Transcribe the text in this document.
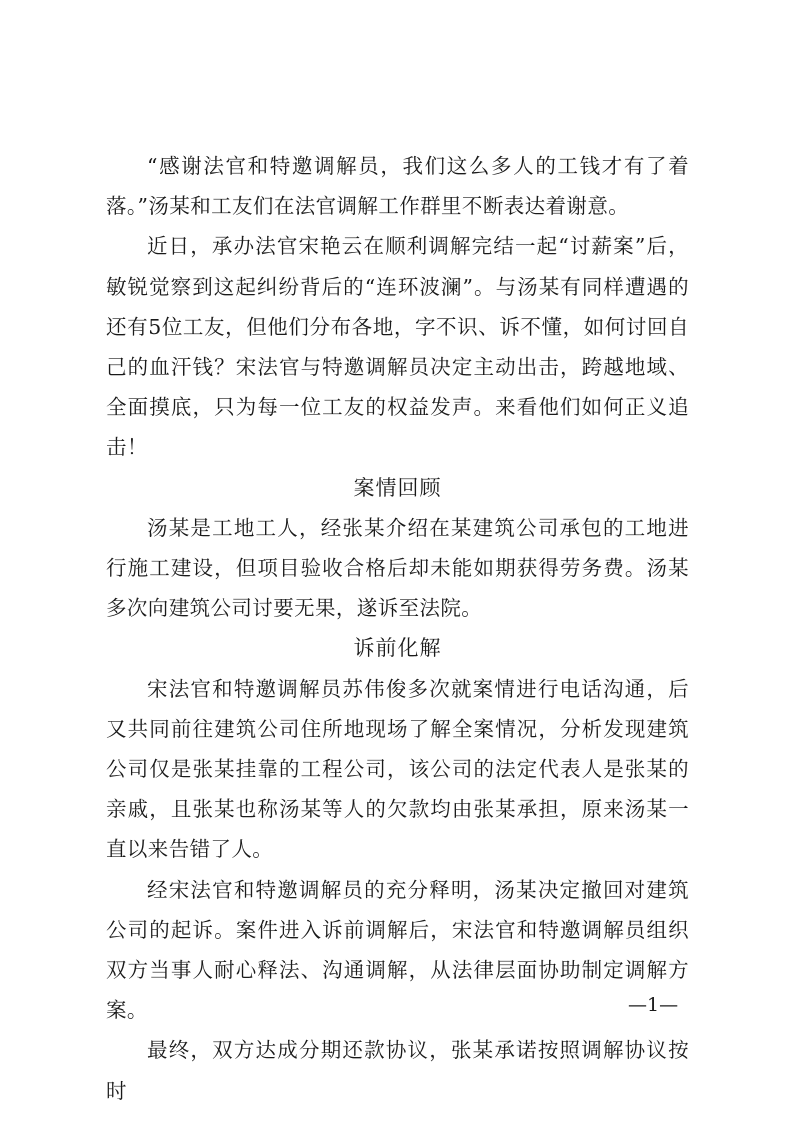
“感谢法官和特邀调解员，我们这么多人的工钱才有了着落。”汤某和工友们在法官调解工作群里不断表达着谢意。

近日，承办法官宋艳云在顺利调解完结一起“讨薪案”后，敏锐觉察到这起纠纷背后的“连环波澜”。与汤某有同样遭遇的还有5位工友，但他们分布各地，字不识、诉不懂，如何讨回自己的血汗钱？宋法官与特邀调解员决定主动出击，跨越地域、全面摸底，只为每一位工友的权益发声。来看他们如何正义追击！

案情回顾

汤某是工地工人，经张某介绍在某建筑公司承包的工地进行施工建设，但项目验收合格后却未能如期获得劳务费。汤某多次向建筑公司讨要无果，遂诉至法院。

诉前化解

宋法官和特邀调解员苏伟俊多次就案情进行电话沟通，后又共同前往建筑公司住所地现场了解全案情况，分析发现建筑公司仅是张某挂靠的工程公司，该公司的法定代表人是张某的亲戚，且张某也称汤某等人的欠款均由张某承担，原来汤某一直以来告错了人。

经宋法官和特邀调解员的充分释明，汤某决定撤回对建筑公司的起诉。案件进入诉前调解后，宋法官和特邀调解员组织双方当事人耐心释法、沟通调解，从法律层面协助制定调解方案。

最终，双方达成分期还款协议，张某承诺按照调解协议按时

—1—
